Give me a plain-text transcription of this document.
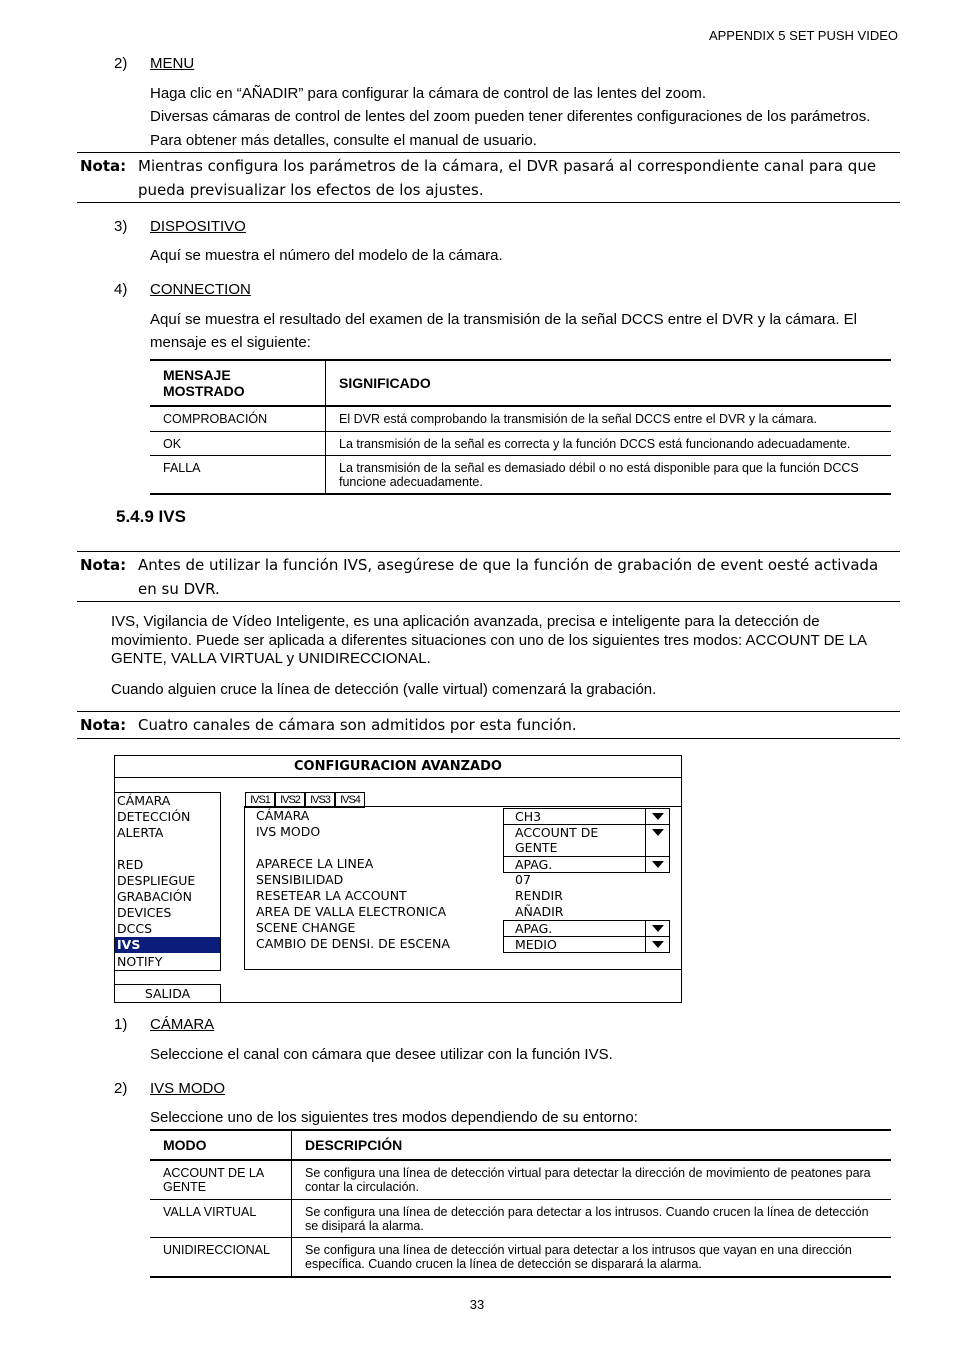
APPENDIX 5 SET PUSH VIDEO
2) MENU
Haga clic en “AÑADIR” para configurar la cámara de control de las lentes del zoom.
Diversas cámaras de control de lentes del zoom pueden tener diferentes configuraciones de los parámetros.
Para obtener más detalles, consulte el manual de usuario.
Nota: Mientras configura los parámetros de la cámara, el DVR pasará al correspondiente canal para que pueda previsualizar los efectos de los ajustes.
3) DISPOSITIVO
Aquí se muestra el número del modelo de la cámara.
4) CONNECTION
Aquí se muestra el resultado del examen de la transmisión de la señal DCCS entre el DVR y la cámara. El mensaje es el siguiente:
MENSAJE MOSTRADO	SIGNIFICADO
COMPROBACIÓN	El DVR está comprobando la transmisión de la señal DCCS entre el DVR y la cámara.
OK	La transmisión de la señal es correcta y la función DCCS está funcionando adecuadamente.
FALLA	La transmisión de la señal es demasiado débil o no está disponible para que la función DCCS funcione adecuadamente.
5.4.9 IVS
Nota: Antes de utilizar la función IVS, asegúrese de que la función de grabación de event oesté activada en su DVR.
IVS, Vigilancia de Vídeo Inteligente, es una aplicación avanzada, precisa e inteligente para la detección de movimiento. Puede ser aplicada a diferentes situaciones con uno de los siguientes tres modos: ACCOUNT DE LA GENTE, VALLA VIRTUAL y UNIDIRECCIONAL.
Cuando alguien cruce la línea de detección (valle virtual) comenzará la grabación.
Nota: Cuatro canales de cámara son admitidos por esta función.
CONFIGURACION AVANZADO
CÁMARA
DETECCIÓN
ALERTA
RED
DESPLIEGUE
GRABACIÓN
DEVICES
DCCS
IVS
NOTIFY
SALIDA
IVS1 IVS2 IVS3 IVS4
CÁMARA	CH3
IVS MODO	ACCOUNT DE GENTE
APARECE LA LINEA	APAG.
SENSIBILIDAD	07
RESETEAR LA ACCOUNT	RENDIR
AREA DE VALLA ELECTRONICA	AÑADIR
SCENE CHANGE	APAG.
CAMBIO DE DENSI. DE ESCENA	MEDIO
1) CÁMARA
Seleccione el canal con cámara que desee utilizar con la función IVS.
2) IVS MODO
Seleccione uno de los siguientes tres modos dependiendo de su entorno:
MODO	DESCRIPCIÓN
ACCOUNT DE LA GENTE	Se configura una línea de detección virtual para detectar la dirección de movimiento de peatones para contar la circulación.
VALLA VIRTUAL	Se configura una línea de detección para detectar a los intrusos. Cuando crucen la línea de detección se disipará la alarma.
UNIDIRECCIONAL	Se configura una línea de detección virtual para detectar a los intrusos que vayan en una dirección específica. Cuando crucen la línea de detección se disparará la alarma.
33
